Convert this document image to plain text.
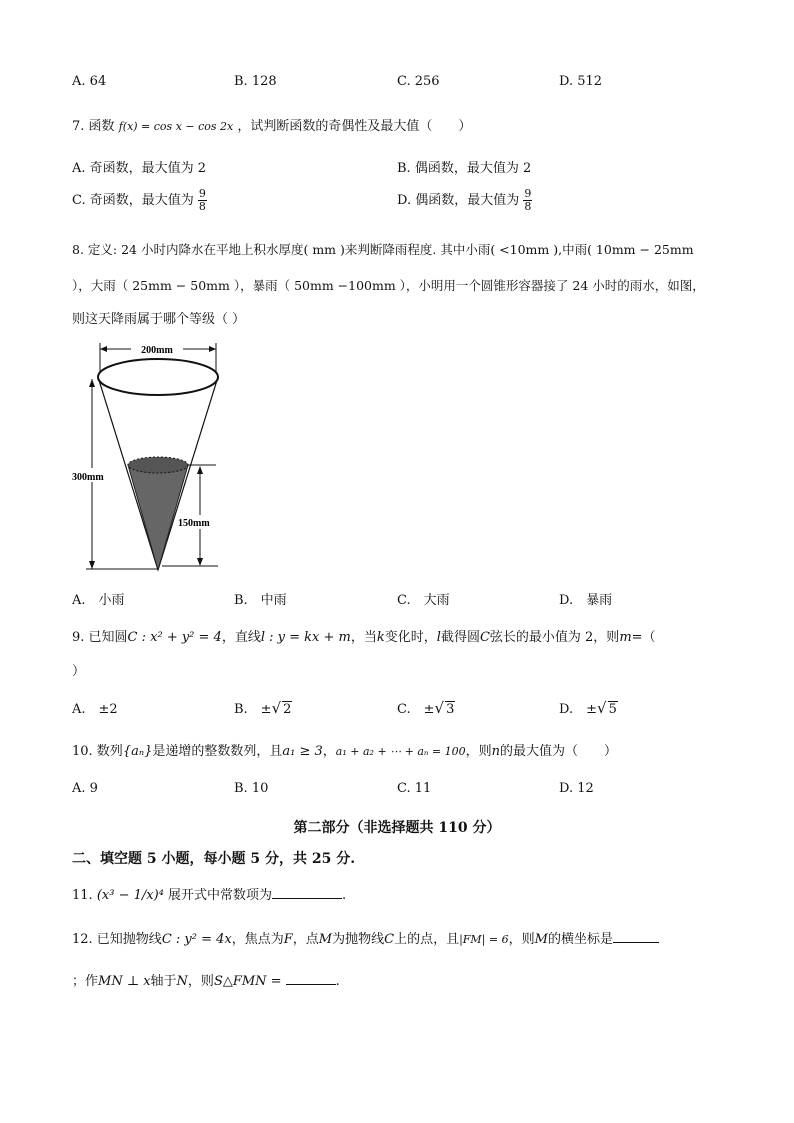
A. 64	B. 128	C. 256	D. 512
7. 函数 f(x) = cos x − cos 2x ，试判断函数的奇偶性及最大值（　　）
A. 奇函数，最大值为 2	B. 偶函数，最大值为 2
C. 奇函数，最大值为 $\frac{9}{8}$	D. 偶函数，最大值为 $\frac{9}{8}$
8. 定义: 24 小时内降水在平地上积水厚度( mm )来判断降雨程度. 其中小雨( <10mm ),中雨( 10mm − 25mm
），大雨（ 25mm − 50mm ），暴雨（ 50mm −100mm ），小明用一个圆锥形容器接了 24 小时的雨水，如图，
则这天降雨属于哪个等级（ ）
200mm
300mm
150mm
A.　小雨	B.　中雨	C.　大雨	D.　暴雨
9. 已知圆C : x² + y² = 4，直线l : y = kx + m，当k变化时，l截得圆C弦长的最小值为 2，则m=（
）
A.　±2	B.　±√ 2	C.　±√ 3	D.　±√ 5
10. 数列{aₙ}是递增的整数数列，且a₁ ≥ 3，a₁ + a₂ + ⋯ + aₙ = 100，则n的最大值为（　　）
A. 9	B. 10	C. 11	D. 12
第二部分（非选择题共 110 分）
二、填空题 5 小题，每小题 5 分，共 25 分.
11. (x³ − 1/x)⁴ 展开式中常数项为	.
12. 已知抛物线C : y² = 4x，焦点为F，点M为抛物线C上的点，且|FM| = 6，则M的横坐标是
；作MN ⊥ x轴于N，则S△FMN =	.
